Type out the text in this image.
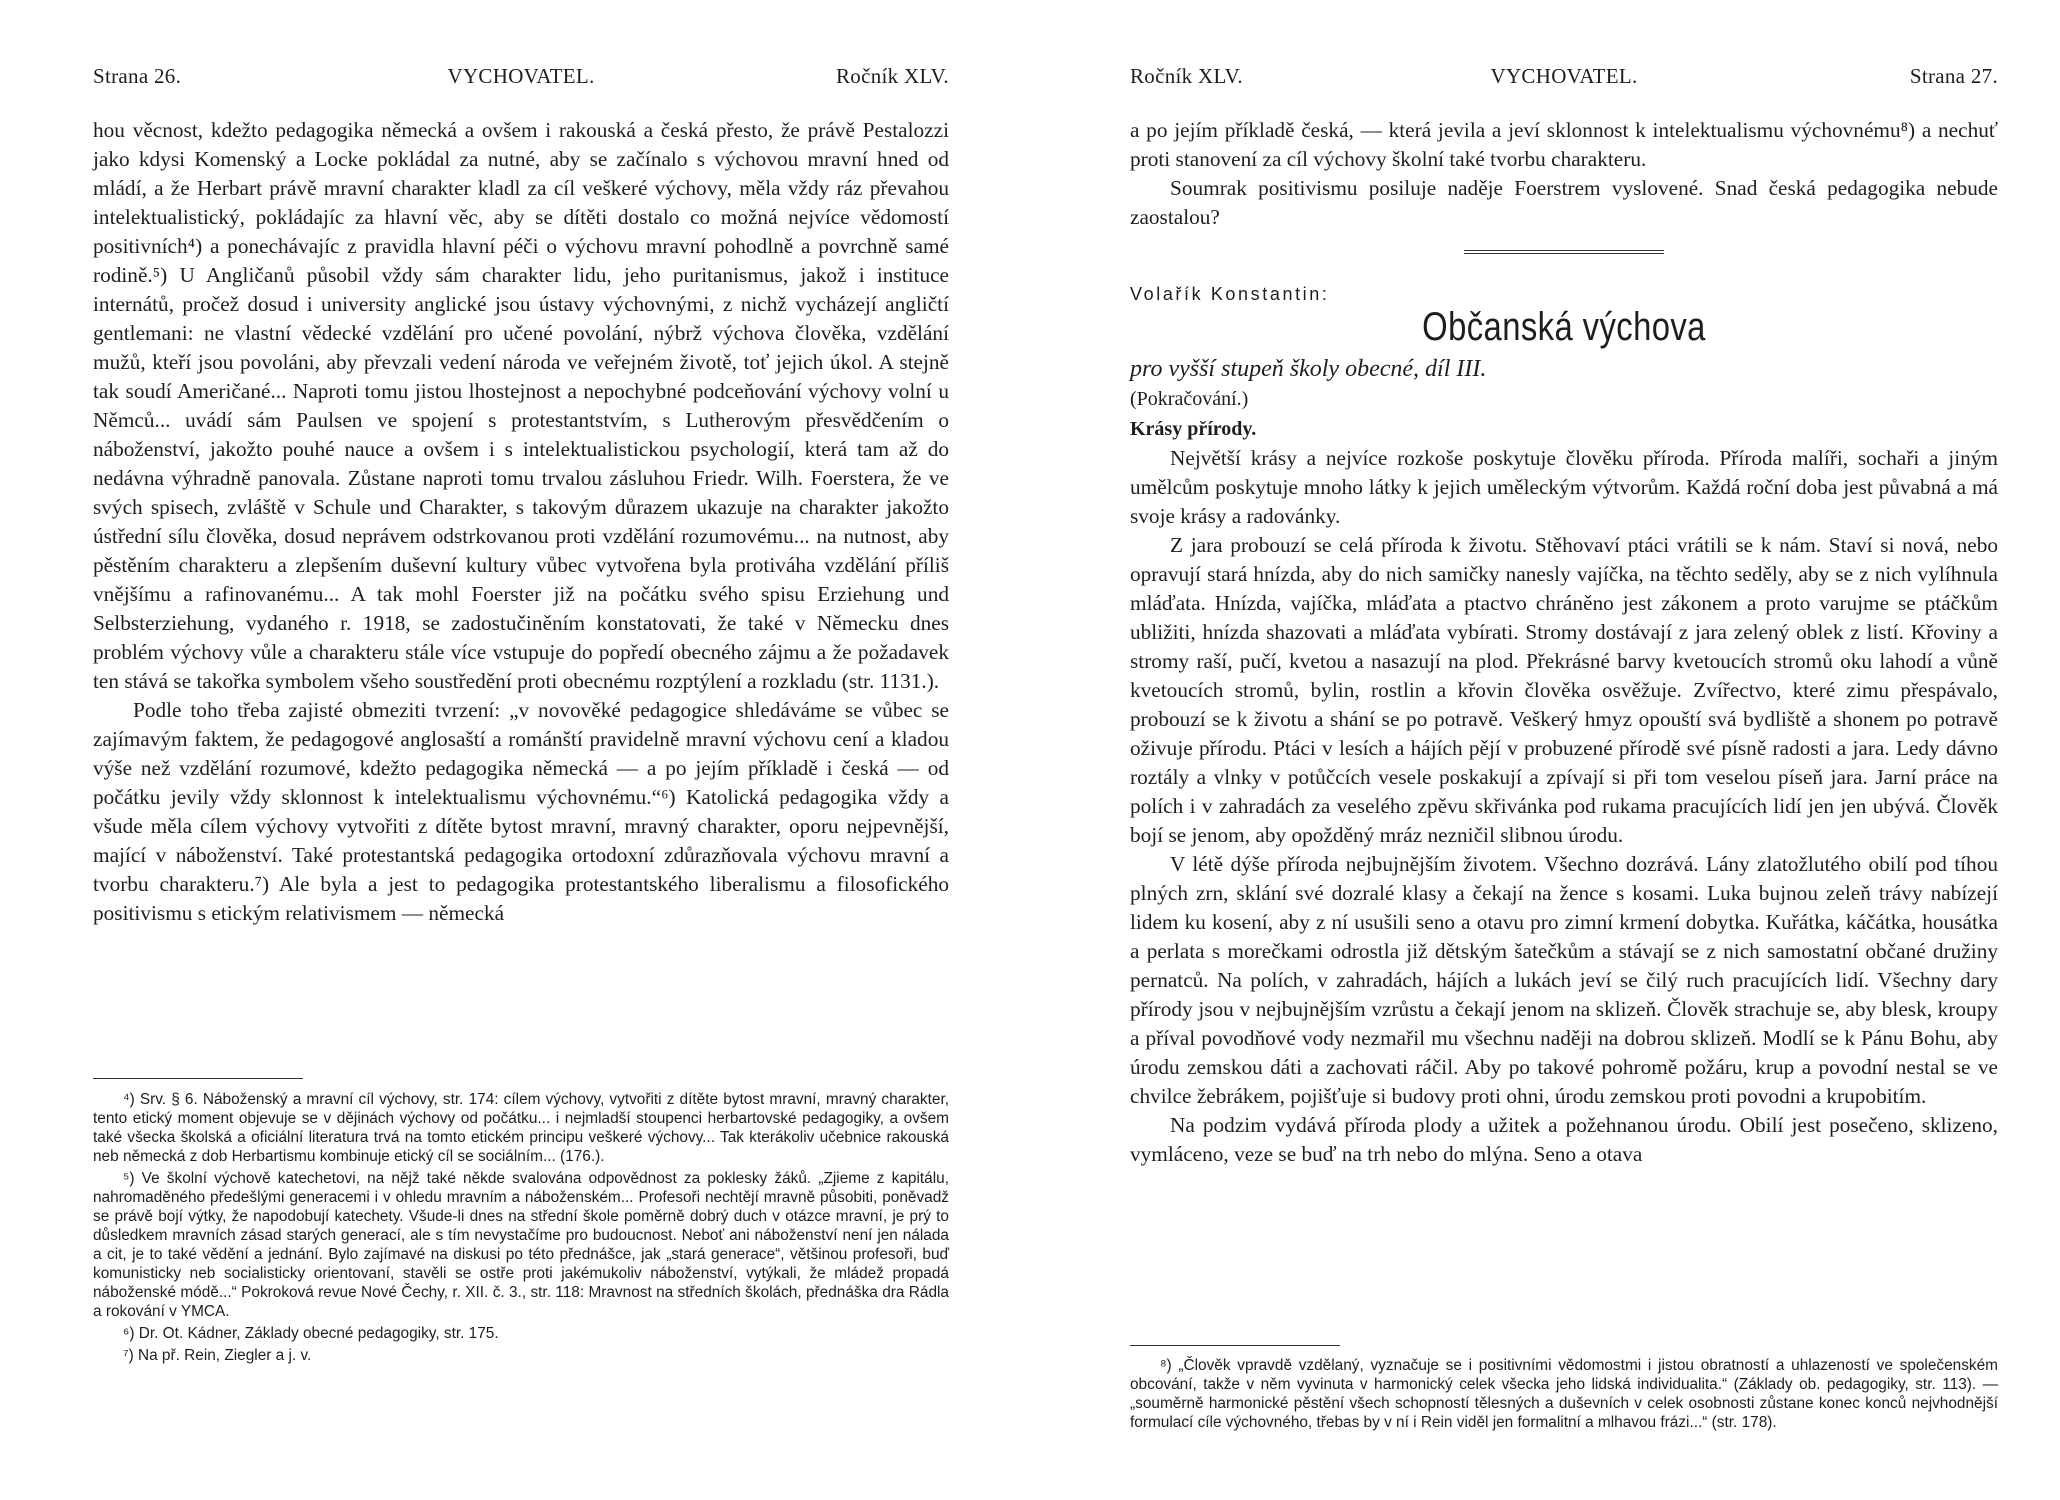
Strana 26.	VYCHOVATEL.	Ročník XLV.

hou věcnost, kdežto pedagogika německá a ovšem i rakouská a česká přesto, že právě Pestalozzi jako kdysi Komenský a Locke pokládal za nutné, aby se začínalo s výchovou mravní hned od mládí, a že Herbart právě mravní charakter kladl za cíl veškeré výchovy, měla vždy ráz převahou intelektualistický, pokládajíc za hlavní věc, aby se dítěti dostalo co možná nejvíce vědomostí positivních⁴) a ponechávajíc z pravidla hlavní péči o výchovu mravní pohodlně a povrchně samé rodině.⁵) U Angličanů působil vždy sám charakter lidu, jeho puritanismus, jakož i instituce internátů, pročež dosud i university anglické jsou ústavy výchovnými, z nichž vycházejí angličtí gentlemani: ne vlastní vědecké vzdělání pro učené povolání, nýbrž výchova člověka, vzdělání mužů, kteří jsou povoláni, aby převzali vedení národa ve veřejném životě, toť jejich úkol. A stejně tak soudí Američané... Naproti tomu jistou lhostejnost a nepochybné podceňování výchovy volní u Němců... uvádí sám Paulsen ve spojení s protestantstvím, s Lutherovým přesvědčením o náboženství, jakožto pouhé nauce a ovšem i s intelektualistickou psychologií, která tam až do nedávna výhradně panovala. Zůstane naproti tomu trvalou zásluhou Friedr. Wilh. Foerstera, že ve svých spisech, zvláště v Schule und Charakter, s takovým důrazem ukazuje na charakter jakožto ústřední sílu člověka, dosud neprávem odstrkovanou proti vzdělání rozumovému... na nutnost, aby pěstěním charakteru a zlepšením duševní kultury vůbec vytvořena byla protiváha vzdělání příliš vnějšímu a rafinovanému... A tak mohl Foerster již na počátku svého spisu Erziehung und Selbsterziehung, vydaného r. 1918, se zadostučiněním konstatovati, že také v Německu dnes problém výchovy vůle a charakteru stále více vstupuje do popředí obecného zájmu a že požadavek ten stává se takořka symbolem všeho soustředění proti obecnému rozptýlení a rozkladu (str. 1131.).

Podle toho třeba zajisté obmeziti tvrzení: „v novověké pedagogice shledáváme se vůbec se zajímavým faktem, že pedagogové anglosaští a románští pravidelně mravní výchovu cení a kladou výše než vzdělání rozumové, kdežto pedagogika německá — a po jejím příkladě i česká — od počátku jevily vždy sklonnost k intelektualismu výchovnému.“⁶) Katolická pedagogika vždy a všude měla cílem výchovy vytvořiti z dítěte bytost mravní, mravný charakter, oporu nejpevnější, mající v náboženství. Také protestantská pedagogika ortodoxní zdůrazňovala výchovu mravní a tvorbu charakteru.⁷) Ale byla a jest to pedagogika protestantského liberalismu a filosofického positivismu s etickým relativismem — německá

⁴) Srv. § 6. Náboženský a mravní cíl výchovy, str. 174: cílem výchovy, vytvořiti z dítěte bytost mravní, mravný charakter, tento etický moment objevuje se v dějinách výchovy od počátku... i nejmladší stoupenci herbartovské pedagogiky, a ovšem také všecka školská a oficiální literatura trvá na tomto etickém principu veškeré výchovy... Tak kterákoliv učebnice rakouská neb německá z dob Herbartismu kombinuje etický cíl se sociálním... (176.).

⁵) Ve školní výchově katechetovi, na nějž také někde svalována odpovědnost za poklesky žáků. „Zjieme z kapitálu, nahromaděného předešlými generacemi i v ohledu mravním a náboženském... Profesoři nechtějí mravně působiti, poněvadž se právě bojí výtky, že napodobují katechety. Všude-li dnes na střední škole poměrně dobrý duch v otázce mravní, je prý to důsledkem mravních zásad starých generací, ale s tím nevystačíme pro budoucnost. Neboť ani náboženství není jen nálada a cit, je to také vědění a jednání. Bylo zajímavé na diskusi po této přednášce, jak „stará generace“, většinou profesoři, buď komunisticky neb socialisticky orientovaní, stavěli se ostře proti jakémukoliv náboženství, vytýkali, že mládež propadá náboženské módě...“ Pokroková revue Nové Čechy, r. XII. č. 3., str. 118: Mravnost na středních školách, přednáška dra Rádla a rokování v YMCA.

⁶) Dr. Ot. Kádner, Základy obecné pedagogiky, str. 175.

⁷) Na př. Rein, Ziegler a j. v.

Ročník XLV.	VYCHOVATEL.	Strana 27.

a po jejím příkladě česká, — která jevila a jeví sklonnost k intelektualismu výchovnému⁸) a nechuť proti stanovení za cíl výchovy školní také tvorbu charakteru.

Soumrak positivismu posiluje naděje Foerstrem vyslovené. Snad česká pedagogika nebude zaostalou?

Volařík Konstantin:

Občanská výchova

pro vyšší stupeň školy obecné, díl III.

(Pokračování.)

Krásy přírody.

Největší krásy a nejvíce rozkoše poskytuje člověku příroda. Příroda malíři, sochaři a jiným umělcům poskytuje mnoho látky k jejich uměleckým výtvorům. Každá roční doba jest půvabná a má svoje krásy a radovánky.

Z jara probouzí se celá příroda k životu. Stěhovaví ptáci vrátili se k nám. Staví si nová, nebo opravují stará hnízda, aby do nich samičky nanesly vajíčka, na těchto seděly, aby se z nich vylíhnula mláďata. Hnízda, vajíčka, mláďata a ptactvo chráněno jest zákonem a proto varujme se ptáčkům ubližiti, hnízda shazovati a mláďata vybírati. Stromy dostávají z jara zelený oblek z listí. Křoviny a stromy raší, pučí, kvetou a nasazují na plod. Překrásné barvy kvetoucích stromů oku lahodí a vůně kvetoucích stromů, bylin, rostlin a křovin člověka osvěžuje. Zvířectvo, které zimu přespávalo, probouzí se k životu a shání se po potravě. Veškerý hmyz opouští svá bydliště a shonem po potravě oživuje přírodu. Ptáci v lesích a hájích pějí v probuzené přírodě své písně radosti a jara. Ledy dávno roztály a vlnky v potůčcích vesele poskakují a zpívají si při tom veselou píseň jara. Jarní práce na polích i v zahradách za veselého zpěvu skřivánka pod rukama pracujících lidí jen jen ubývá. Člověk bojí se jenom, aby opožděný mráz nezničil slibnou úrodu.

V létě dýše příroda nejbujnějším životem. Všechno dozrává. Lány zlatožlutého obilí pod tíhou plných zrn, sklání své dozralé klasy a čekají na žence s kosami. Luka bujnou zeleň trávy nabízejí lidem ku kosení, aby z ní usušili seno a otavu pro zimní krmení dobytka. Kuřátka, káčátka, housátka a perlata s morečkami odrostla již dětským šatečkům a stávají se z nich samostatní občané družiny pernatců. Na polích, v zahradách, hájích a lukách jeví se čilý ruch pracujících lidí. Všechny dary přírody jsou v nejbujnějším vzrůstu a čekají jenom na sklizeň. Člověk strachuje se, aby blesk, kroupy a příval povodňové vody nezmařil mu všechnu naději na dobrou sklizeň. Modlí se k Pánu Bohu, aby úrodu zemskou dáti a zachovati ráčil. Aby po takové pohromě požáru, krup a povodní nestal se ve chvilce žebrákem, pojišťuje si budovy proti ohni, úrodu zemskou proti povodni a krupobitím.

Na podzim vydává příroda plody a užitek a požehnanou úrodu. Obilí jest posečeno, sklizeno, vymláceno, veze se buď na trh nebo do mlýna. Seno a otava

⁸) „Člověk vpravdě vzdělaný, vyznačuje se i positivními vědomostmi i jistou obratností a uhlazeností ve společenském obcování, takže v něm vyvinuta v harmonický celek všecka jeho lidská individualita.“ (Základy ob. pedagogiky, str. 113). — „souměrně harmonické pěstění všech schopností tělesných a duševních v celek osobnosti zůstane konec konců nejvhodnější formulací cíle výchovného, třebas by v ní i Rein viděl jen formalitní a mlhavou frázi...“ (str. 178).
